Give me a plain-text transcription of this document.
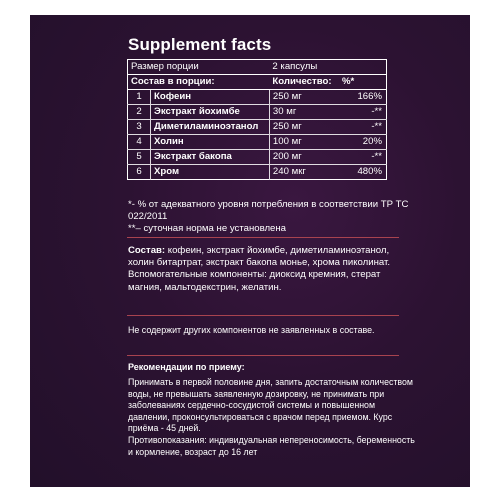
Supplement facts
Размер порции		2 капсулы	
Состав в порции:		Количество:	%*
1	Кофеин	250 мг	166%
2	Экстракт йохимбе	30 мг	-**
3	Диметиламиноэтанол	250 мг	-**
4	Холин	100 мг	20%
5	Экстракт бакопа	200 мг	-**
6	Хром	240 мкг	480%
*- % от адекватного уровня потребления в соответствии ТР ТС 022/2011
**– суточная норма не установлена
Состав: кофеин, экстракт йохимбе, диметиламиноэтанол, холин битартрат, экстракт бакопа монье, хрома пиколинат.
Вспомогательные компоненты: диоксид кремния, стерат магния, мальтодекстрин, желатин.
Не содержит других компонентов не заявленных в составе.
Рекомендации по приему:
Принимать в первой половине дня, запить достаточным количеством воды, не превышать заявленную дозировку, не принимать при заболеваниях сердечно-сосудистой системы и повышенном давлении, проконсультироваться с врачом перед приемом. Курс приёма - 45 дней.
Противопоказания: индивидуальная непереносимость, беременность и кормление, возраст до 16 лет
